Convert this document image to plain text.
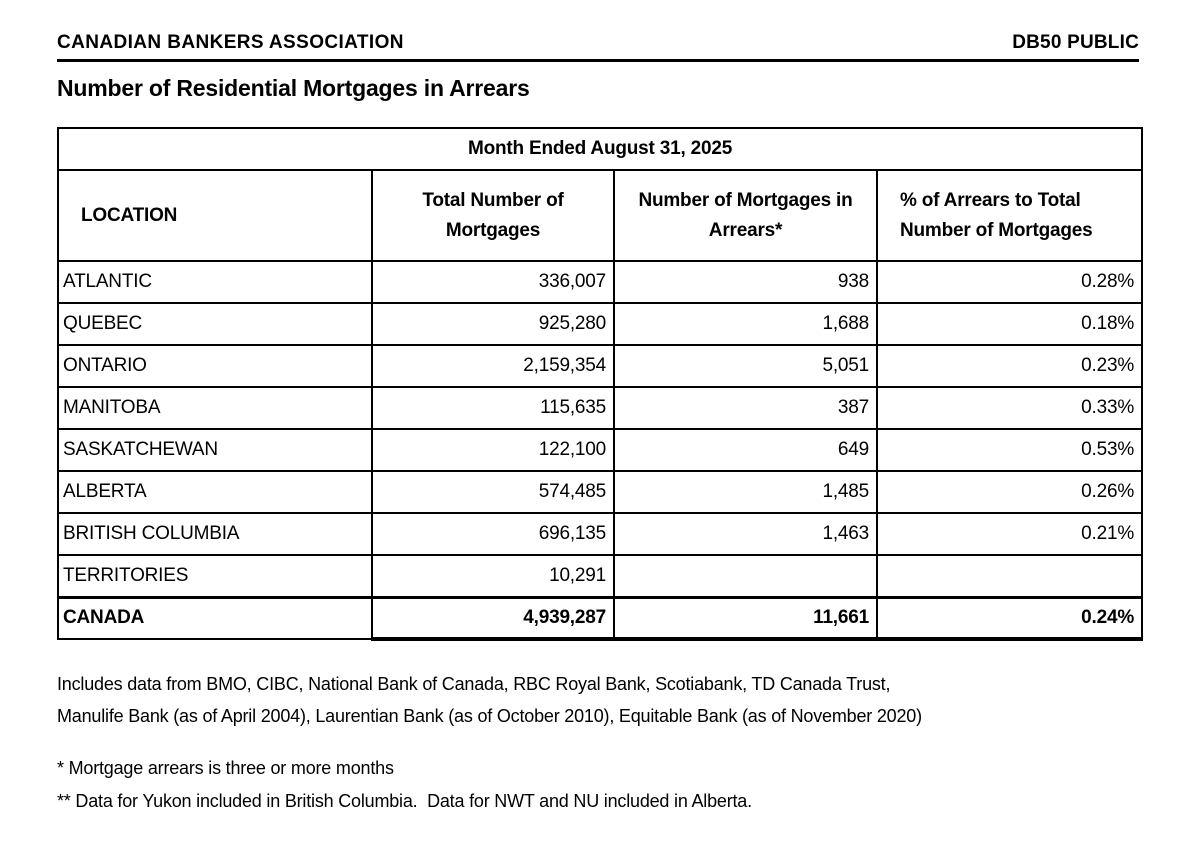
CANADIAN BANKERS ASSOCIATION	DB50 PUBLIC
Number of Residential Mortgages in Arrears
Month Ended August 31, 2025			

LOCATION

Total Number of
Mortgages

Number of Mortgages in
Arrears*

% of Arrears to Total
Number of Mortgages

ATLANTIC	336,007	938	0.28%
QUEBEC	925,280	1,688	0.18%
ONTARIO	2,159,354	5,051	0.23%
MANITOBA	115,635	387	0.33%
SASKATCHEWAN	122,100	649	0.53%
ALBERTA	574,485	1,485	0.26%
BRITISH COLUMBIA	696,135	1,463	0.21%
TERRITORIES	10,291		
CANADA	4,939,287	11,661	0.24%
Includes data from BMO, CIBC, National Bank of Canada, RBC Royal Bank, Scotiabank, TD Canada Trust,
Manulife Bank (as of April 2004), Laurentian Bank (as of October 2010), Equitable Bank (as of November 2020)

* Mortgage arrears is three or more months

** Data for Yukon included in British Columbia.  Data for NWT and NU included in Alberta.
